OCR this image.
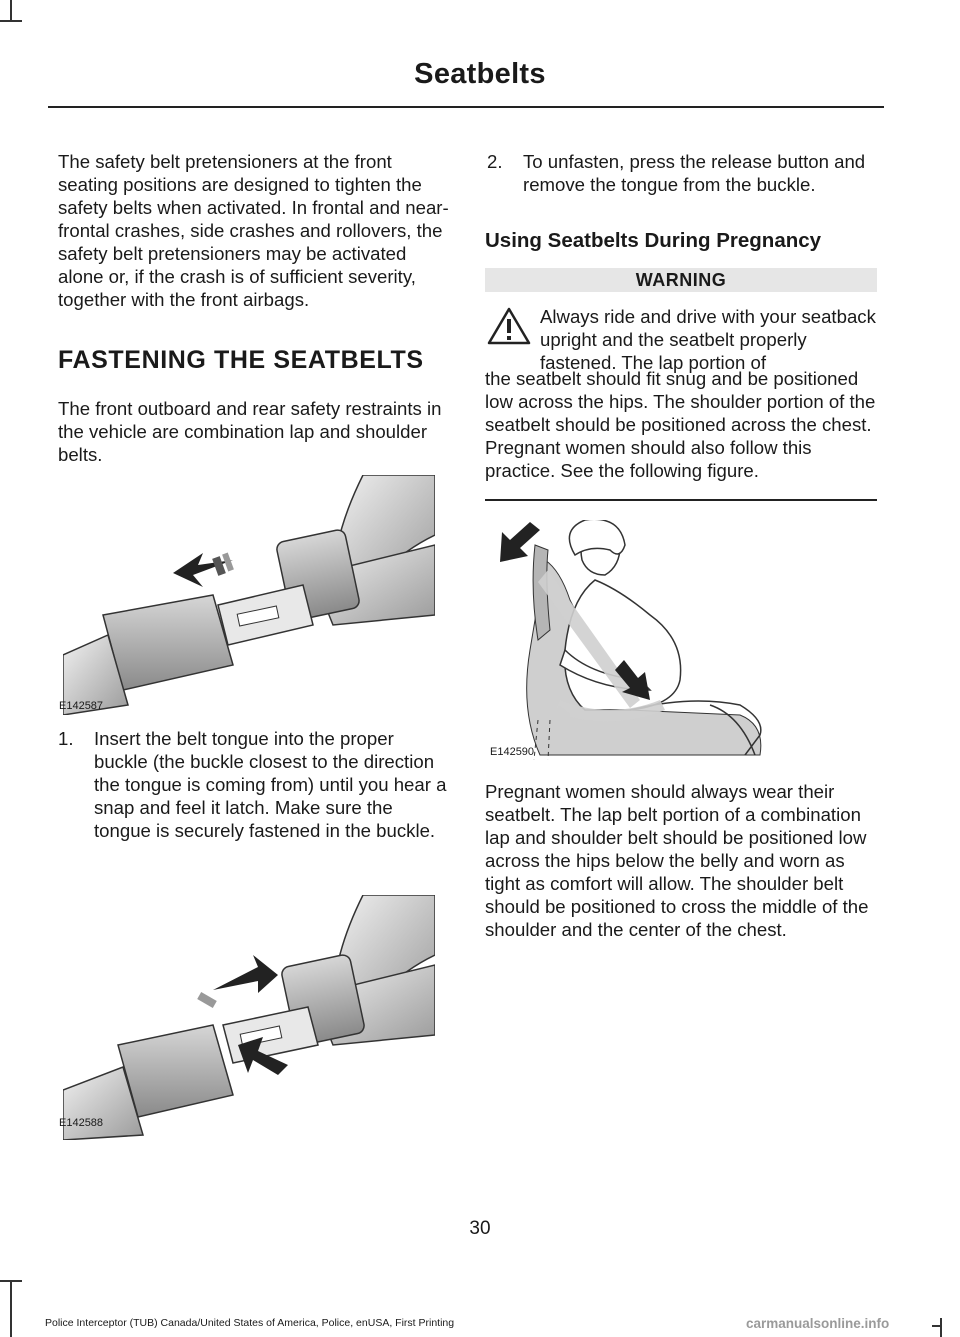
Seatbelts

The safety belt pretensioners at the front seating positions are designed to tighten the safety belts when activated. In frontal and near-frontal crashes, side crashes and rollovers, the safety belt pretensioners may be activated alone or, if the crash is of sufficient severity, together with the front airbags.

FASTENING THE SEATBELTS

The front outboard and rear safety restraints in the vehicle are combination lap and shoulder belts.

E142587
1. Insert the belt tongue into the proper buckle (the buckle closest to the direction the tongue is coming from) until you hear a snap and feel it latch. Make sure the tongue is securely fastened in the buckle.
E142588
2. To unfasten, press the release button and remove the tongue from the buckle.
Using Seatbelts During Pregnancy
WARNING
Always ride and drive with your seatback upright and the seatbelt properly fastened. The lap portion of
the seatbelt should fit snug and be positioned low across the hips. The shoulder portion of the seatbelt should be positioned across the chest. Pregnant women should also follow this practice. See the following figure.
E142590

Pregnant women should always wear their seatbelt. The lap belt portion of a combination lap and shoulder belt should be positioned low across the hips below the belly and worn as tight as comfort will allow. The shoulder belt should be positioned to cross the middle of the shoulder and the center of the chest.

30
Police Interceptor (TUB) Canada/United States of America, Police, enUSA, First Printing	carmanualsonline.info
